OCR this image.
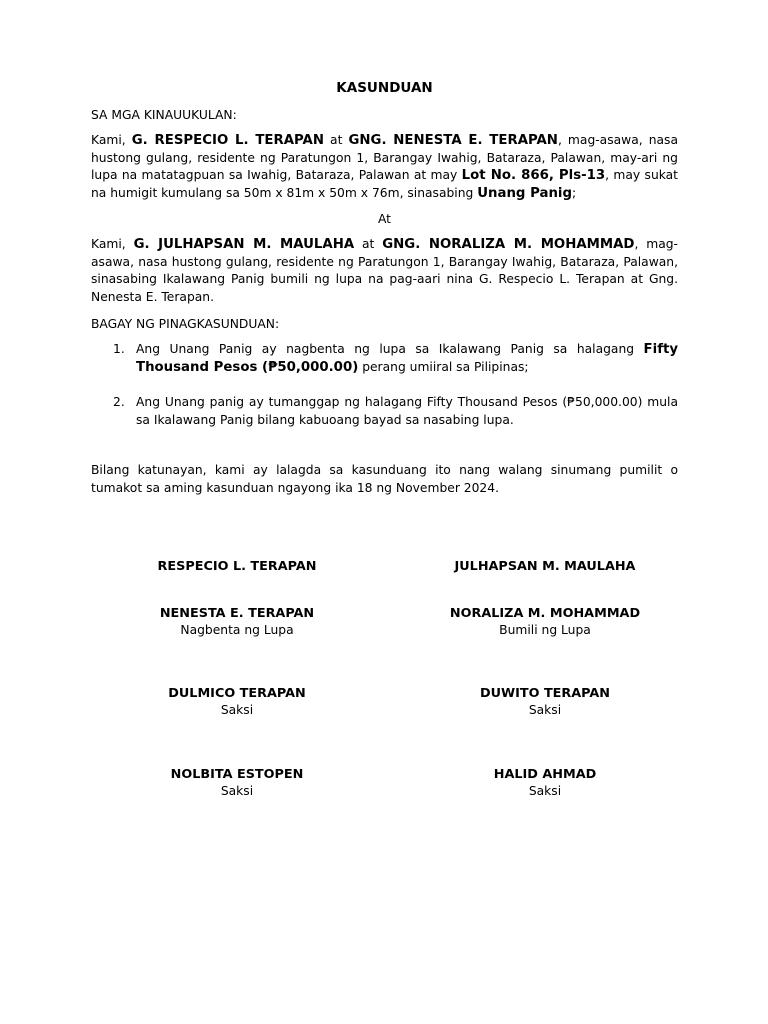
KASUNDUAN
SA MGA KINAUUKULAN:
Kami, G. RESPECIO L. TERAPAN at GNG. NENESTA E. TERAPAN, mag-asawa, nasa hustong gulang, residente ng Paratungon 1, Barangay Iwahig, Bataraza, Palawan, may-ari ng lupa na matatagpuan sa Iwahig, Bataraza, Palawan at may Lot No. 866, Pls-13, may sukat na humigit kumulang sa 50m x 81m x 50m x 76m, sinasabing Unang Panig;
At
Kami, G. JULHAPSAN M. MAULAHA at GNG. NORALIZA M. MOHAMMAD, mag-asawa, nasa hustong gulang, residente ng Paratungon 1, Barangay Iwahig, Bataraza, Palawan, sinasabing Ikalawang Panig bumili ng lupa na pag-aari nina G. Respecio L. Terapan at Gng. Nenesta E. Terapan.
BAGAY NG PINAGKASUNDUAN:
1. Ang Unang Panig ay nagbenta ng lupa sa Ikalawang Panig sa halagang Fifty Thousand Pesos (₱50,000.00) perang umiiral sa Pilipinas;
2. Ang Unang panig ay tumanggap ng halagang Fifty Thousand Pesos (₱50,000.00) mula sa Ikalawang Panig bilang kabuoang bayad sa nasabing lupa.
Bilang katunayan, kami ay lalagda sa kasunduang ito nang walang sinumang pumilit o tumakot sa aming kasunduan ngayong ika 18 ng November 2024.
RESPECIO L. TERAPAN
NENESTA E. TERAPAN
Nagbenta ng Lupa
DULMICO TERAPAN
Saksi
NOLBITA ESTOPEN
Saksi
JULHAPSAN M. MAULAHA
NORALIZA M. MOHAMMAD
Bumili ng Lupa
DUWITO TERAPAN
Saksi
HALID AHMAD
Saksi
